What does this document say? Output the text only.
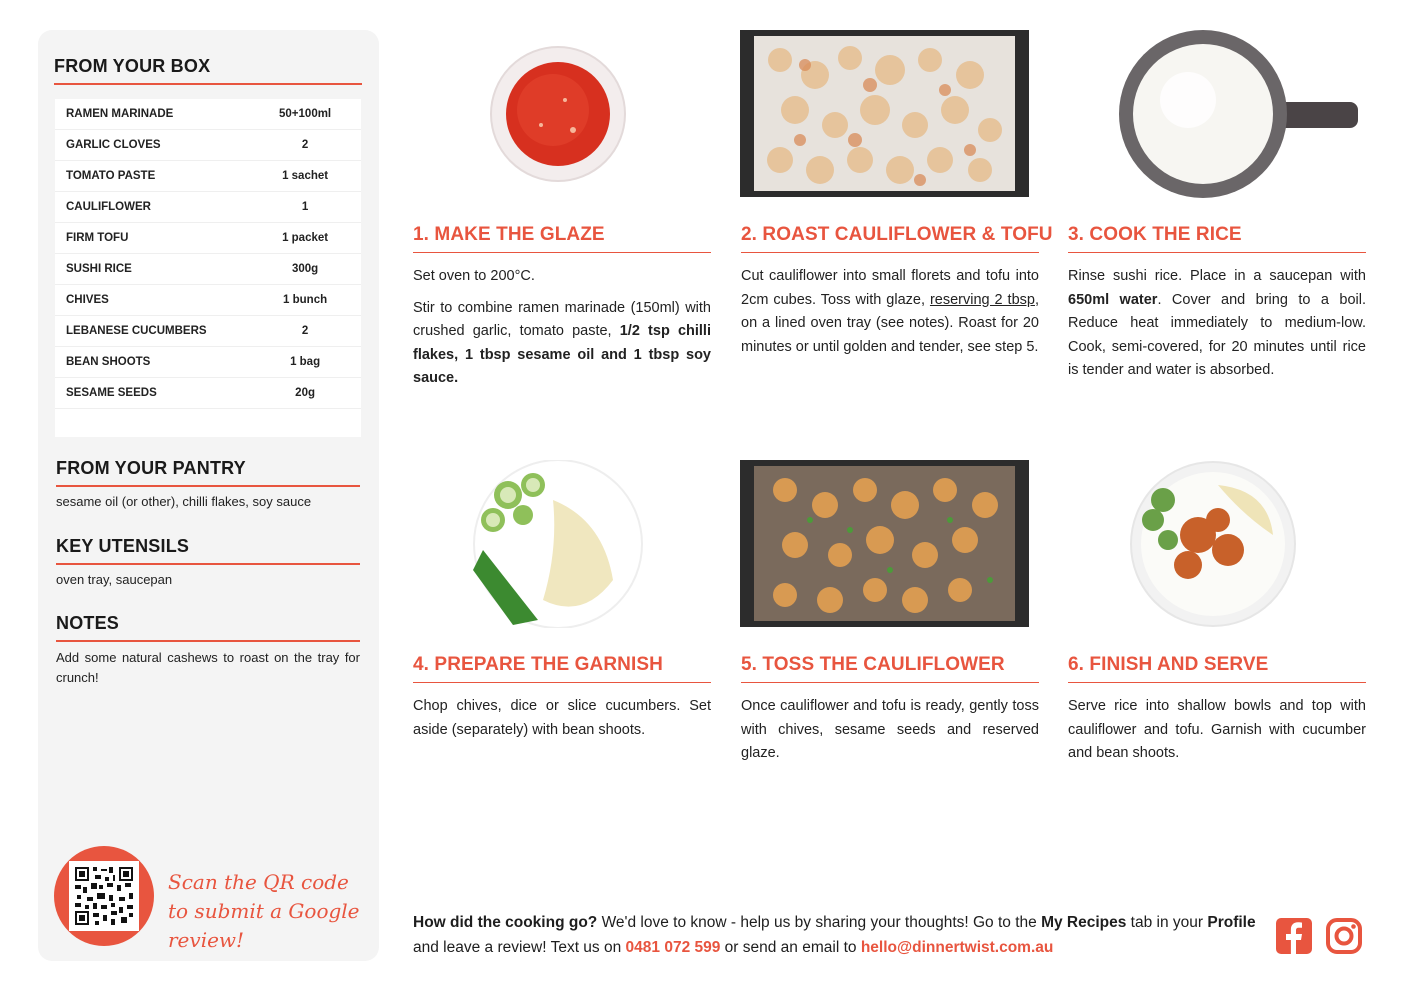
FROM YOUR BOX
RAMEN MARINADE	50+100ml
GARLIC CLOVES	2
TOMATO PASTE	1 sachet
CAULIFLOWER	1
FIRM TOFU	1 packet
SUSHI RICE	300g
CHIVES	1 bunch
LEBANESE CUCUMBERS	2
BEAN SHOOTS	1 bag
SESAME SEEDS	20g
FROM YOUR PANTRY
sesame oil (or other), chilli flakes, soy sauce
KEY UTENSILS
oven tray, saucepan
NOTES
Add some natural cashews to roast on the tray for crunch!
Scan the QR code to submit a Google review!
1. MAKE THE GLAZE

Set oven to 200°C.

Stir to combine ramen marinade (150ml) with crushed garlic, tomato paste, 1/2 tsp chilli flakes, 1 tbsp sesame oil and 1 tbsp soy sauce.

2. ROAST CAULIFLOWER & TOFU

Cut cauliflower into small florets and tofu into 2cm cubes. Toss with glaze, reserving 2 tbsp, on a lined oven tray (see notes). Roast for 20 minutes or until golden and tender, see step 5.

3. COOK THE RICE

Rinse sushi rice. Place in a saucepan with 650ml water. Cover and bring to a boil. Reduce heat immediately to medium-low. Cook, semi-covered, for 20 minutes until rice is tender and water is absorbed.

4. PREPARE THE GARNISH
Chop chives, dice or slice cucumbers. Set aside (separately) with bean shoots.
5. TOSS THE CAULIFLOWER
Once cauliflower and tofu is ready, gently toss with chives, sesame seeds and reserved glaze.
6. FINISH AND SERVE
Serve rice into shallow bowls and top with cauliflower and tofu. Garnish with cucumber and bean shoots.
How did the cooking go? We'd love to know - help us by sharing your thoughts! Go to the My Recipes tab in your Profile and leave a review! Text us on 0481 072 599 or send an email to hello@dinnertwist.com.au
